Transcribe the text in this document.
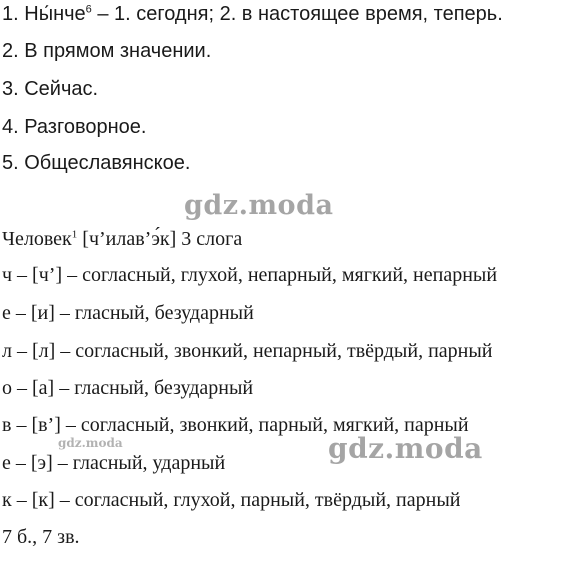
1. Ны́нче$^6$ – 1. сегодня; 2. в настоящее время, теперь.
2. В прямом значении.
3. Сейчас.
4. Разговорное.
5. Общеславянское.
Человек$^1$ [ч’илав’э́к] 3 слога
ч – [ч’] – согласный, глухой, непарный, мягкий, непарный
е – [и] – гласный, безударный
л – [л] – согласный, звонкий, непарный, твёрдый, парный
о – [а] – гласный, безударный
в – [в’] – согласный, звонкий, парный, мягкий, парный
е – [э] – гласный, ударный
к – [к] – согласный, глухой, парный, твёрдый, парный
7 б., 7 зв.
gdz.moda
gdz.moda
gdz.moda
